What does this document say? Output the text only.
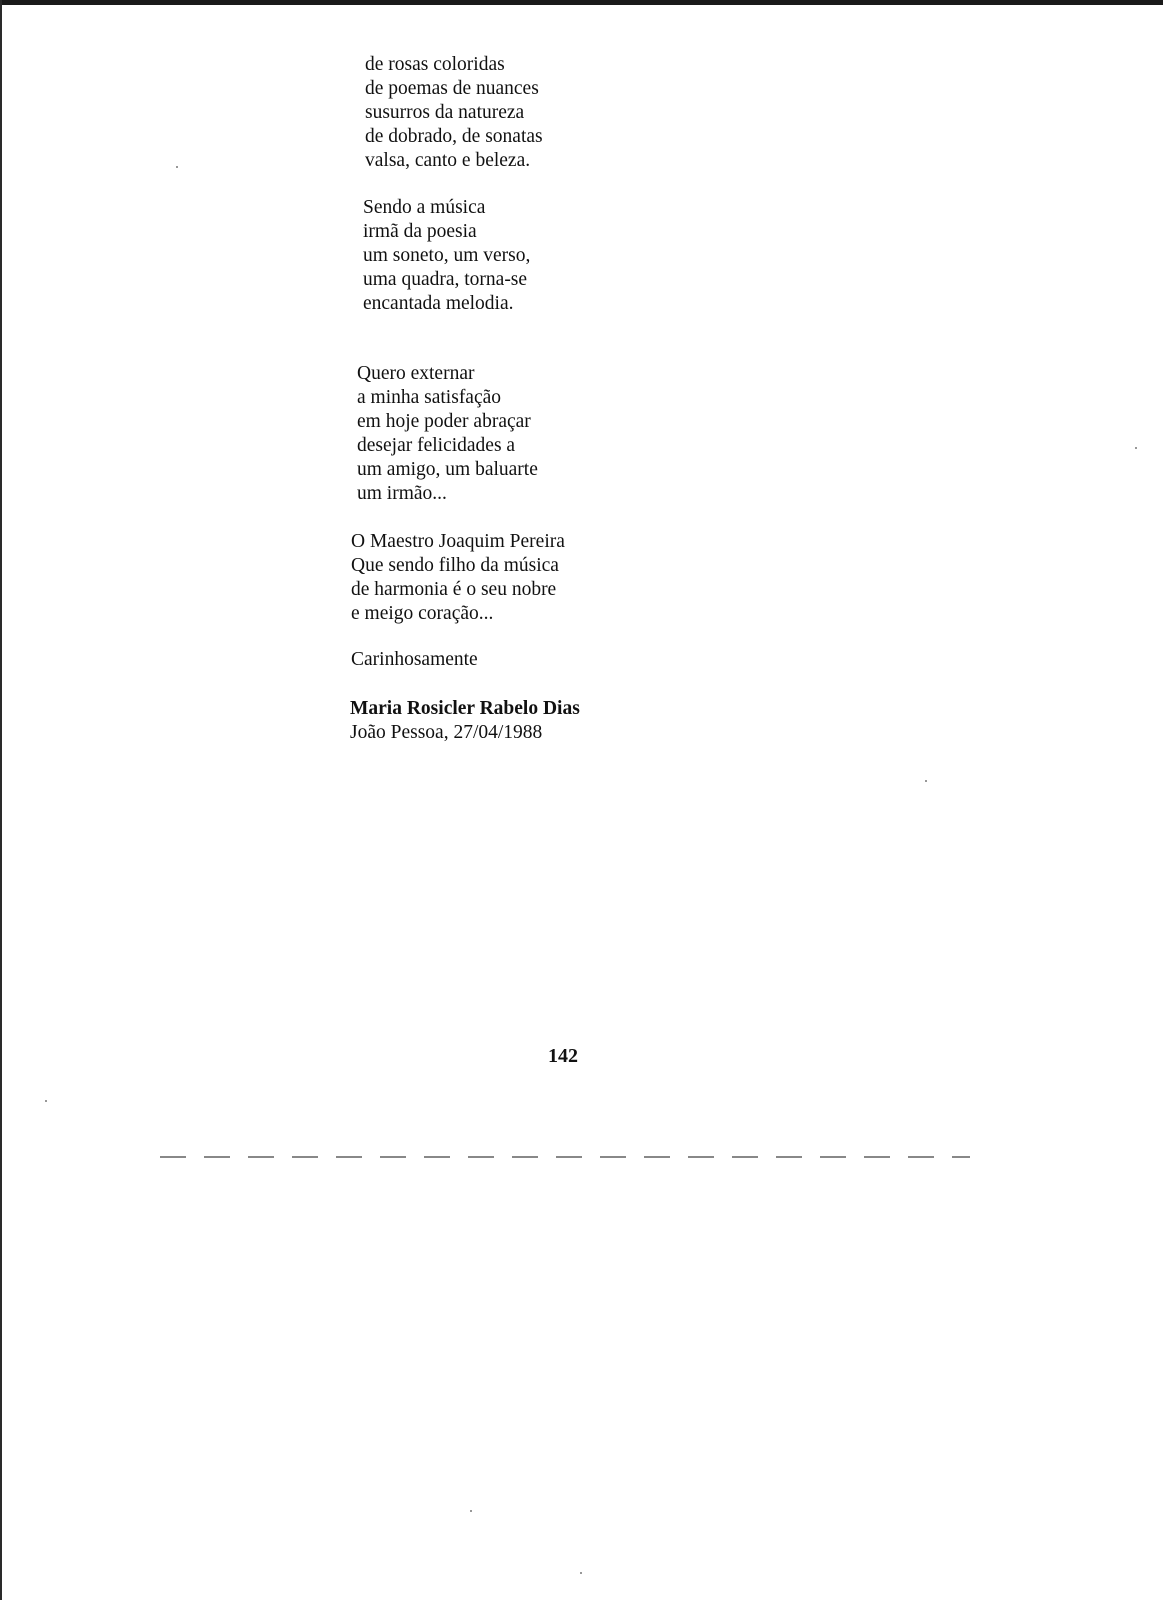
de rosas coloridas
de poemas de nuances
susurros da natureza
de dobrado, de sonatas
valsa, canto e beleza.
Sendo a música
irmã da poesia
um soneto, um verso,
uma quadra, torna-se
encantada melodia.
Quero externar
a minha satisfação
em hoje poder abraçar
desejar felicidades a
um amigo, um baluarte
um irmão...
O Maestro Joaquim Pereira
Que sendo filho da música
de harmonia é o seu nobre
e meigo coração...

Carinhosamente

Maria Rosicler Rabelo Dias

João Pessoa, 27/04/1988

142
